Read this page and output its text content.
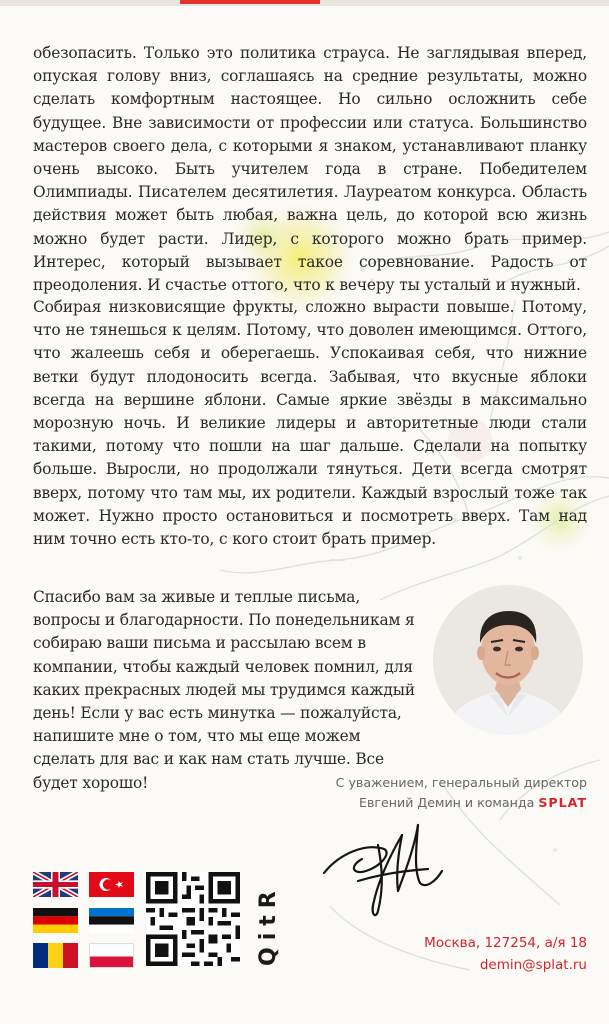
обезопасить. Только это политика страуса. Не заглядывая вперед, опуская голову вниз, соглашаясь на средние результаты, можно сделать комфортным настоящее. Но сильно осложнить себе будущее. Вне зависимости от профессии или статуса. Большинство мастеров своего дела, с которыми я знаком, устанавливают планку очень высоко. Быть учителем года в стране. Победителем Олимпиады. Писателем десятилетия. Лауреатом конкурса. Область действия может быть любая, важна цель, до которой всю жизнь можно будет расти. Лидер, с которого можно брать пример. Интерес, который вызывает такое соревнование. Радость от преодоления. И счастье оттого, что к вечеру ты усталый и нужный.

Собирая низковисящие фрукты, сложно вырасти повыше. Потому, что не тянешься к целям. Потому, что доволен имеющимся. Оттого, что жалеешь себя и оберегаешь. Успокаивая себя, что нижние ветки будут плодоносить всегда. Забывая, что вкусные яблоки всегда на вершине яблони. Самые яркие звёзды в максимально морозную ночь. И великие лидеры и авторитетные люди стали такими, потому что пошли на шаг дальше. Сделали на попытку больше. Выросли, но продолжали тянуться. Дети всегда смотрят вверх, потому что там мы, их родители. Каждый взрослый тоже так может. Нужно просто остановиться и посмотреть вверх. Там над ним точно есть кто-то, с кого стоит брать пример.

Спасибо вам за живые и теплые письма, вопросы и благодарности. По понедельникам я собираю ваши письма и рассылаю всем в компании, чтобы каждый человек помнил, для каких прекрасных людей мы трудимся каждый день! Если у вас есть минутка — пожалуйста, напишите мне о том, что мы еще можем сделать для вас и как нам стать лучше. Все будет хорошо!	С уважением, генеральный директор
Евгений Демин и команда SPLAT
Москва, 127254, а/я 18
demin@splat.ru
QitR
